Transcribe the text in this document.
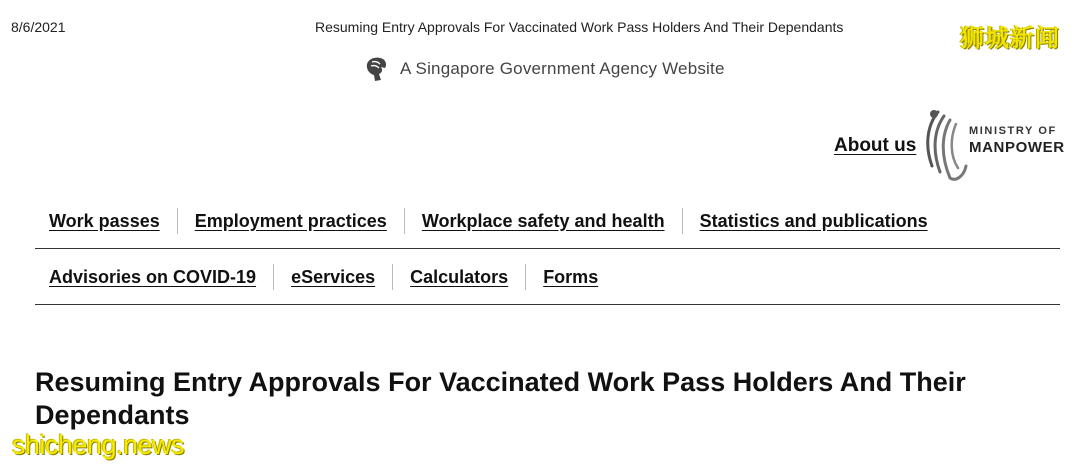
8/6/2021	Resuming Entry Approvals For Vaccinated Work Pass Holders And Their Dependants	狮城新闻
A Singapore Government Agency Website
About us
MINISTRY OF
MANPOWER
Work passes	Employment practices	Workplace safety and health	Statistics and publications
Advisories on COVID-19	eServices	Calculators	Forms
Resuming Entry Approvals For Vaccinated Work Pass Holders And Their Dependants
shicheng.news
